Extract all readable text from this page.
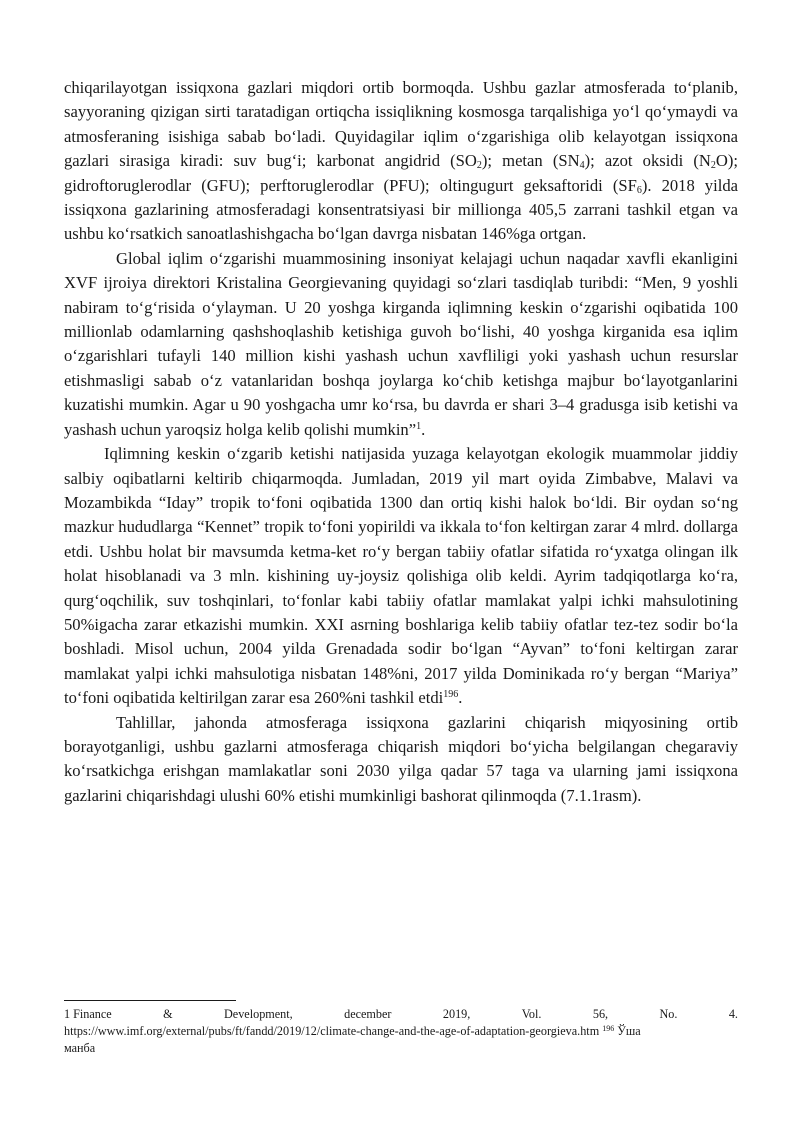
chiqarilayotgan issiqxona gazlari miqdori ortib bormoqda. Ushbu gazlar atmosferada to‘planib, sayyoraning qizigan sirti taratadigan ortiqcha issiqlikning kosmosga tarqalishiga yo‘l qo‘ymaydi va atmosferaning isishiga sabab bo‘ladi. Quyidagilar iqlim o‘zgarishiga olib kelayotgan issiqxona gazlari sirasiga kiradi: suv bug‘i; karbonat angidrid $(SO_2)$; metan $(SN_4)$; azot oksidi $(N_2O)$; gidroftoruglerodlar (GFU); perftoruglerodlar (PFU); oltingugurt geksaftoridi $(SF_6)$. 2018 yilda issiqxona gazlarining atmosferadagi konsentratsiyasi bir millionga 405,5 zarrani tashkil etgan va ushbu ko‘rsatkich sanoatlashishgacha bo‘lgan davrga nisbatan 146%ga ortgan.

Global iqlim o‘zgarishi muammosining insoniyat kelajagi uchun naqadar xavfli ekanligini XVF ijroiya direktori Kristalina Georgievaning quyidagi so‘zlari tasdiqlab turibdi: “Men, 9 yoshli nabiram to‘g‘risida o‘ylayman. U 20 yoshga kirganda iqlimning keskin o‘zgarishi oqibatida 100 millionlab odamlarning qashshoqlashib ketishiga guvoh bo‘lishi, 40 yoshga kirganida esa iqlim o‘zgarishlari tufayli 140 million kishi yashash uchun xavfliligi yoki yashash uchun resurslar etishmasligi sabab o‘z vatanlaridan boshqa joylarga ko‘chib ketishga majbur bo‘layotganlarini kuzatishi mumkin. Agar u 90 yoshgacha umr ko‘rsa, bu davrda er shari 3–4 gradusga isib ketishi va yashash uchun yaroqsiz holga kelib qolishi mumkin”$^1$.

Iqlimning keskin o‘zgarib ketishi natijasida yuzaga kelayotgan ekologik muammolar jiddiy salbiy oqibatlarni keltirib chiqarmoqda. Jumladan, 2019 yil mart oyida Zimbabve, Malavi va Mozambikda “Iday” tropik to‘foni oqibatida 1300 dan ortiq kishi halok bo‘ldi. Bir oydan so‘ng mazkur hududlarga “Kennet” tropik to‘foni yopirildi va ikkala to‘fon keltirgan zarar 4 mlrd. dollarga etdi. Ushbu holat bir mavsumda ketma-ket ro‘y bergan tabiiy ofatlar sifatida ro‘yxatga olingan ilk holat hisoblanadi va 3 mln. kishining uy-joysiz qolishiga olib keldi. Ayrim tadqiqotlarga ko‘ra, qurg‘oqchilik, suv toshqinlari, to‘fonlar kabi tabiiy ofatlar mamlakat yalpi ichki mahsulotining 50%igacha zarar etkazishi mumkin. XXI asrning boshlariga kelib tabiiy ofatlar tez-tez sodir bo‘la boshladi. Misol uchun, 2004 yilda Grenadada sodir bo‘lgan “Ayvan” to‘foni keltirgan zarar mamlakat yalpi ichki mahsulotiga nisbatan 148%ni, 2017 yilda Dominikada ro‘y bergan “Mariya” to‘foni oqibatida keltirilgan zarar esa 260%ni tashkil etdi$^{196}$.

Tahlillar, jahonda atmosferaga issiqxona gazlarini chiqarish miqyosining ortib borayotganligi, ushbu gazlarni atmosferaga chiqarish miqdori bo‘yicha belgilangan chegaraviy ko‘rsatkichga erishgan mamlakatlar soni 2030 yilga qadar 57 taga va ularning jami issiqxona gazlarini chiqarishdagi ulushi 60% etishi mumkinligi bashorat qilinmoqda (7.1.1rasm).

1 Finance	&	Development,	december	2019,	Vol.	56,	No.	4.
https://www.imf.org/external/pubs/ft/fandd/2019/12/climate-change-and-the-age-of-adaptation-georgieva.htm $^{196}$ Ўша
манба
